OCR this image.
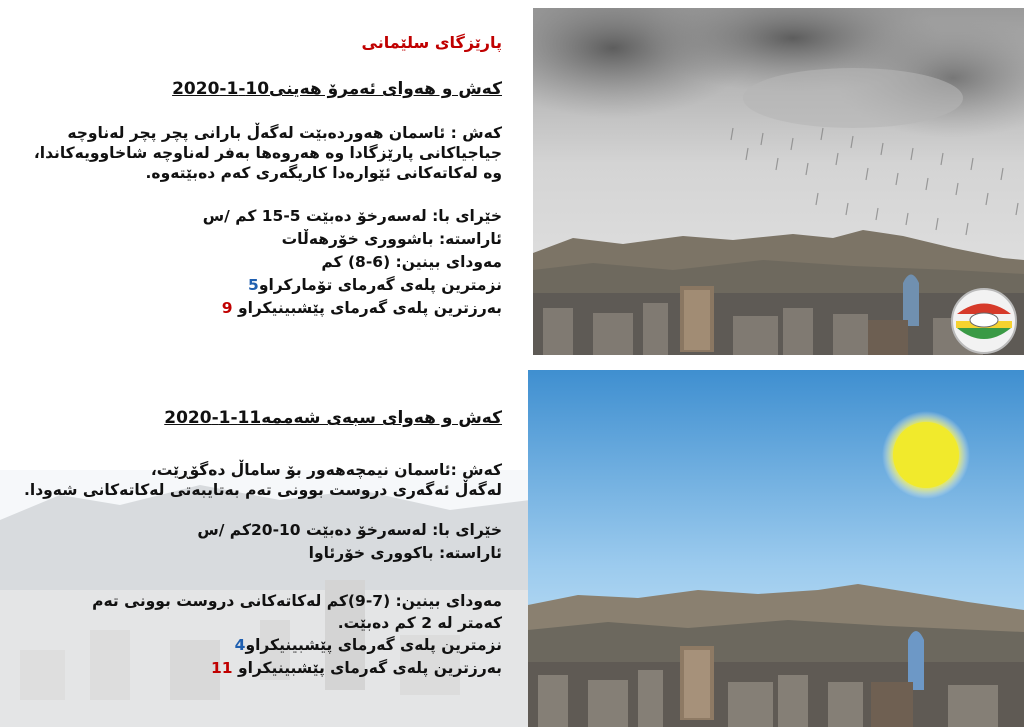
پارێزگای سلێمانی
کەش و هەوای ئەمرۆ هەینی10-1-2020
کەش : ئاسمان هەوردەبێت لەگەڵ بارانی پچر پچر لەناوچە
جیاجیاکانی پارێزگادا وە هەروەها بەفر لەناوچە شاخاوویەکاندا،
وە لەکاتەکانی ئێوارەدا کاریگەری کەم دەبێتەوە.
خێرای با: لەسەرخۆ دەبێت 5-15 کم /س
ئاراستە: باشووری خۆرهەڵات
مەودای بینین: (6-8) کم
نزمترین پلەی گەرمای تۆمارکراو5
بەرزترین پلەی گەرمای پێشبینیکراو 9
کەش و هەوای سبەی شەممە11-1-2020
کەش :ئاسمان نیمچەهەور بۆ ساماڵ دەگۆڕێت،
لەگەڵ ئەگەری دروست بوونی تەم بەتایبەتی لەکاتەکانی شەودا.
خێرای با: لەسەرخۆ دەبێت 10-20کم /س
ئاراستە: باکووری خۆرئاوا
مەودای بینین: (7-9)کم لەکاتەکانی دروست بوونی تەم
کەمتر لە 2 کم دەبێت.
نزمترین پلەی گەرمای پێشبینیکراو4
بەرزترین پلەی گەرمای پێشبینیکراو 11
